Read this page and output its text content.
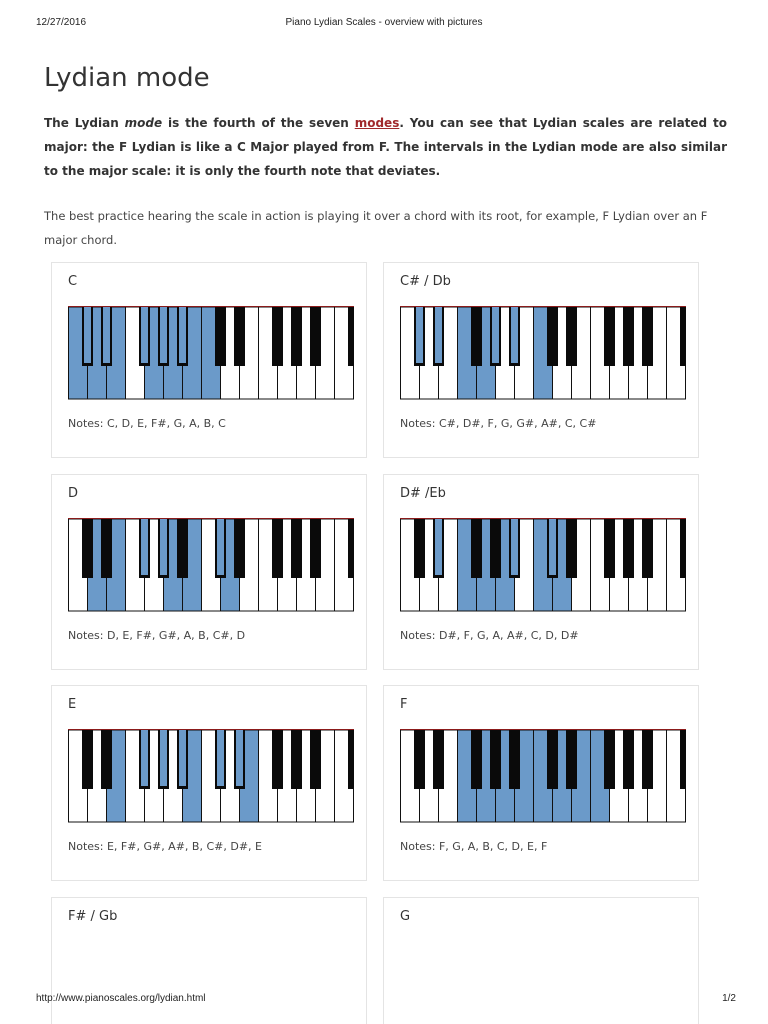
12/27/2016	Piano Lydian Scales - overview with pictures
Lydian mode

The Lydian mode is the fourth of the seven modes. You can see that Lydian scales are related to major: the F Lydian is like a C Major played from F. The intervals in the Lydian mode are also similar to the major scale: it is only the fourth note that deviates.

The best practice hearing the scale in action is playing it over a chord with its root, for example, F Lydian over an F major chord.

C
Notes: C, D, E, F#, G, A, B, C
C# / Db
Notes: C#, D#, F, G, G#, A#, C, C#
D
Notes: D, E, F#, G#, A, B, C#, D
D# /Eb
Notes: D#, F, G, A, A#, C, D, D#
E
Notes: E, F#, G#, A#, B, C#, D#, E
F
Notes: F, G, A, B, C, D, E, F
F# / Gb	G
http://www.pianoscales.org/lydian.html	1/2
